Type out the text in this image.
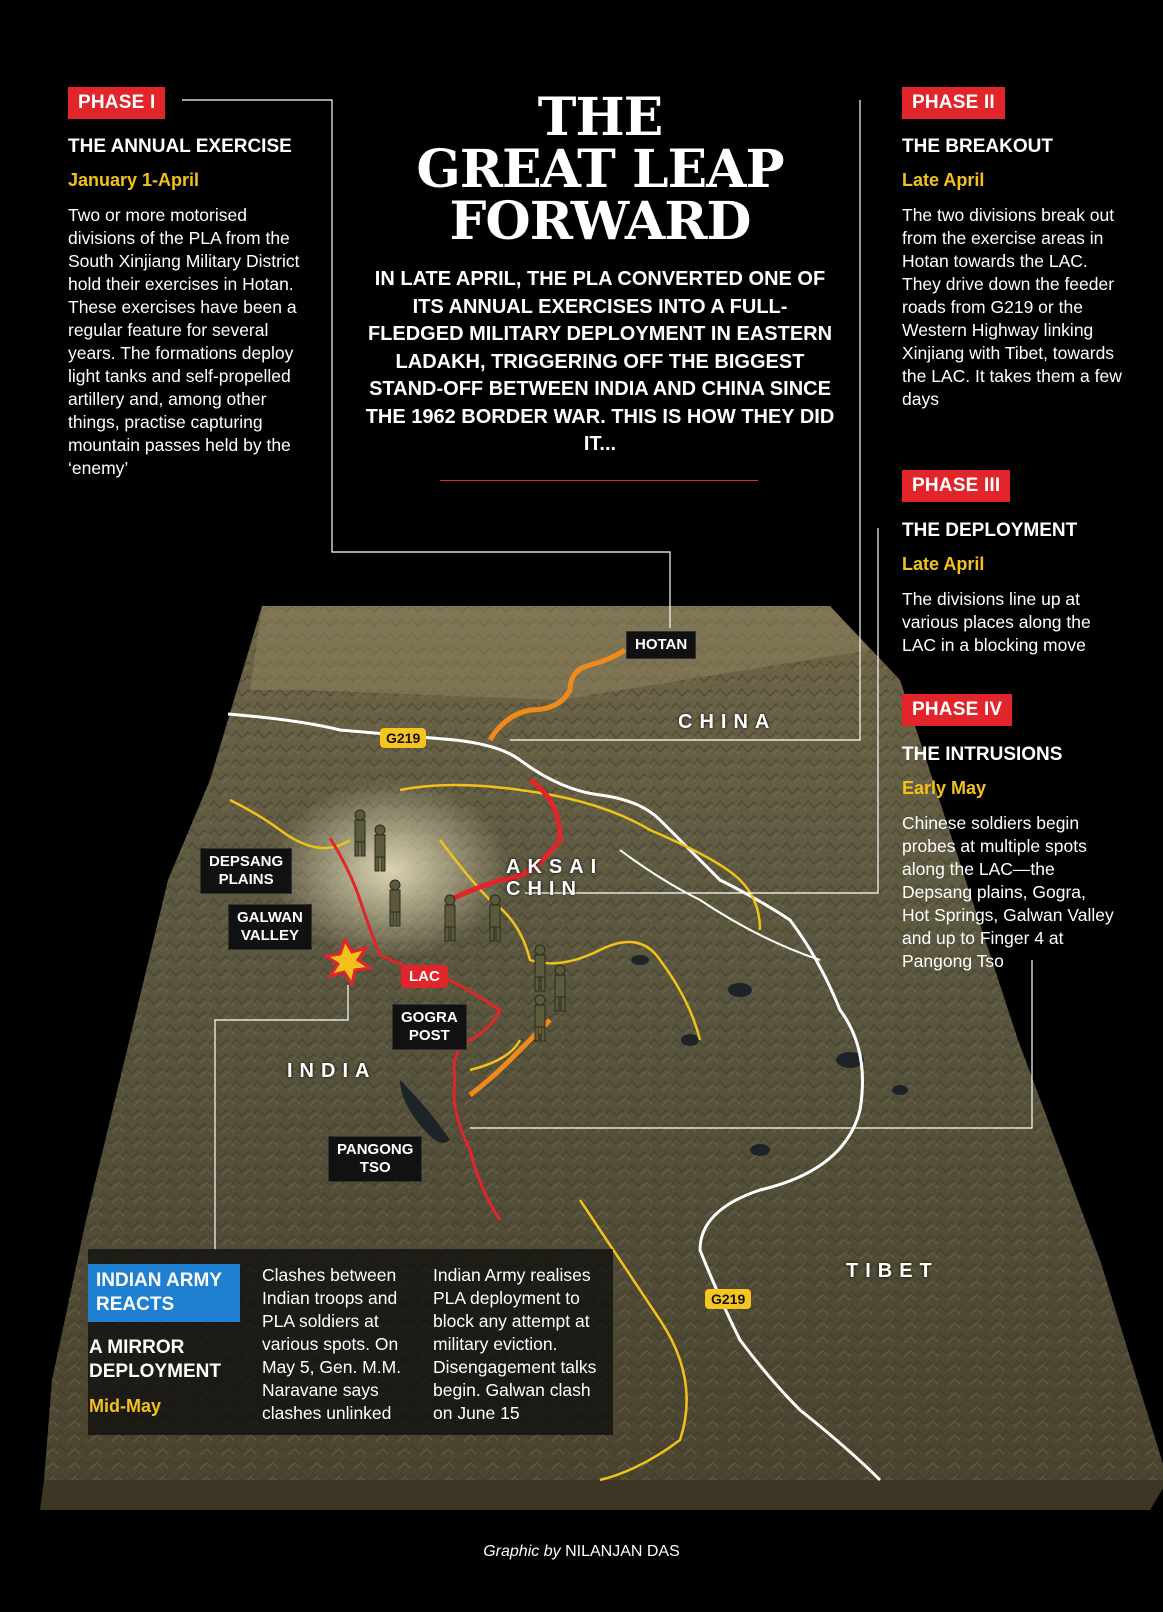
THE
GREAT LEAP
FORWARD
IN LATE APRIL, THE PLA CONVERTED ONE OF ITS ANNUAL EXERCISES INTO A FULL-FLEDGED MILITARY DEPLOYMENT IN EASTERN LADAKH, TRIGGERING OFF THE BIGGEST STAND-OFF BETWEEN INDIA AND CHINA SINCE THE 1962 BORDER WAR. THIS IS HOW THEY DID IT...
PHASE I
THE ANNUAL EXERCISE
January 1-April
Two or more motorised divisions of the PLA from the South Xinjiang Military District hold their exercises in Hotan. These exercises have been a regular feature for several years. The formations deploy light tanks and self-propelled artillery and, among other things, practise capturing mountain passes held by the ‘enemy’
PHASE II
THE BREAKOUT
Late April
The two divisions break out from the exercise areas in Hotan towards the LAC. They drive down the feeder roads from G219 or the Western Highway linking Xinjiang with Tibet, towards the LAC. It takes them a few days
PHASE III
THE DEPLOYMENT
Late April
The divisions line up at various places along the LAC in a blocking move
PHASE IV
THE INTRUSIONS
Early May
Chinese soldiers begin probes at multiple spots along the LAC—the Depsang plains, Gogra, Hot Springs, Galwan Valley and up to Finger 4 at Pangong Tso
HOTAN
DEPSANG
PLAINS
GALWAN
VALLEY
GOGRA
POST
PANGONG
TSO
CHINA
AKSAI
CHIN
INDIA
TIBET
G219
G219
LAC
INDIAN ARMY
REACTS
A MIRROR
DEPLOYMENT
Mid-May
Clashes between Indian troops and PLA soldiers at various spots. On May 5, Gen. M.M. Naravane says clashes unlinked
Indian Army realises PLA deployment to block any attempt at military eviction. Disengagement talks begin. Galwan clash on June 15
Graphic by NILANJAN DAS
